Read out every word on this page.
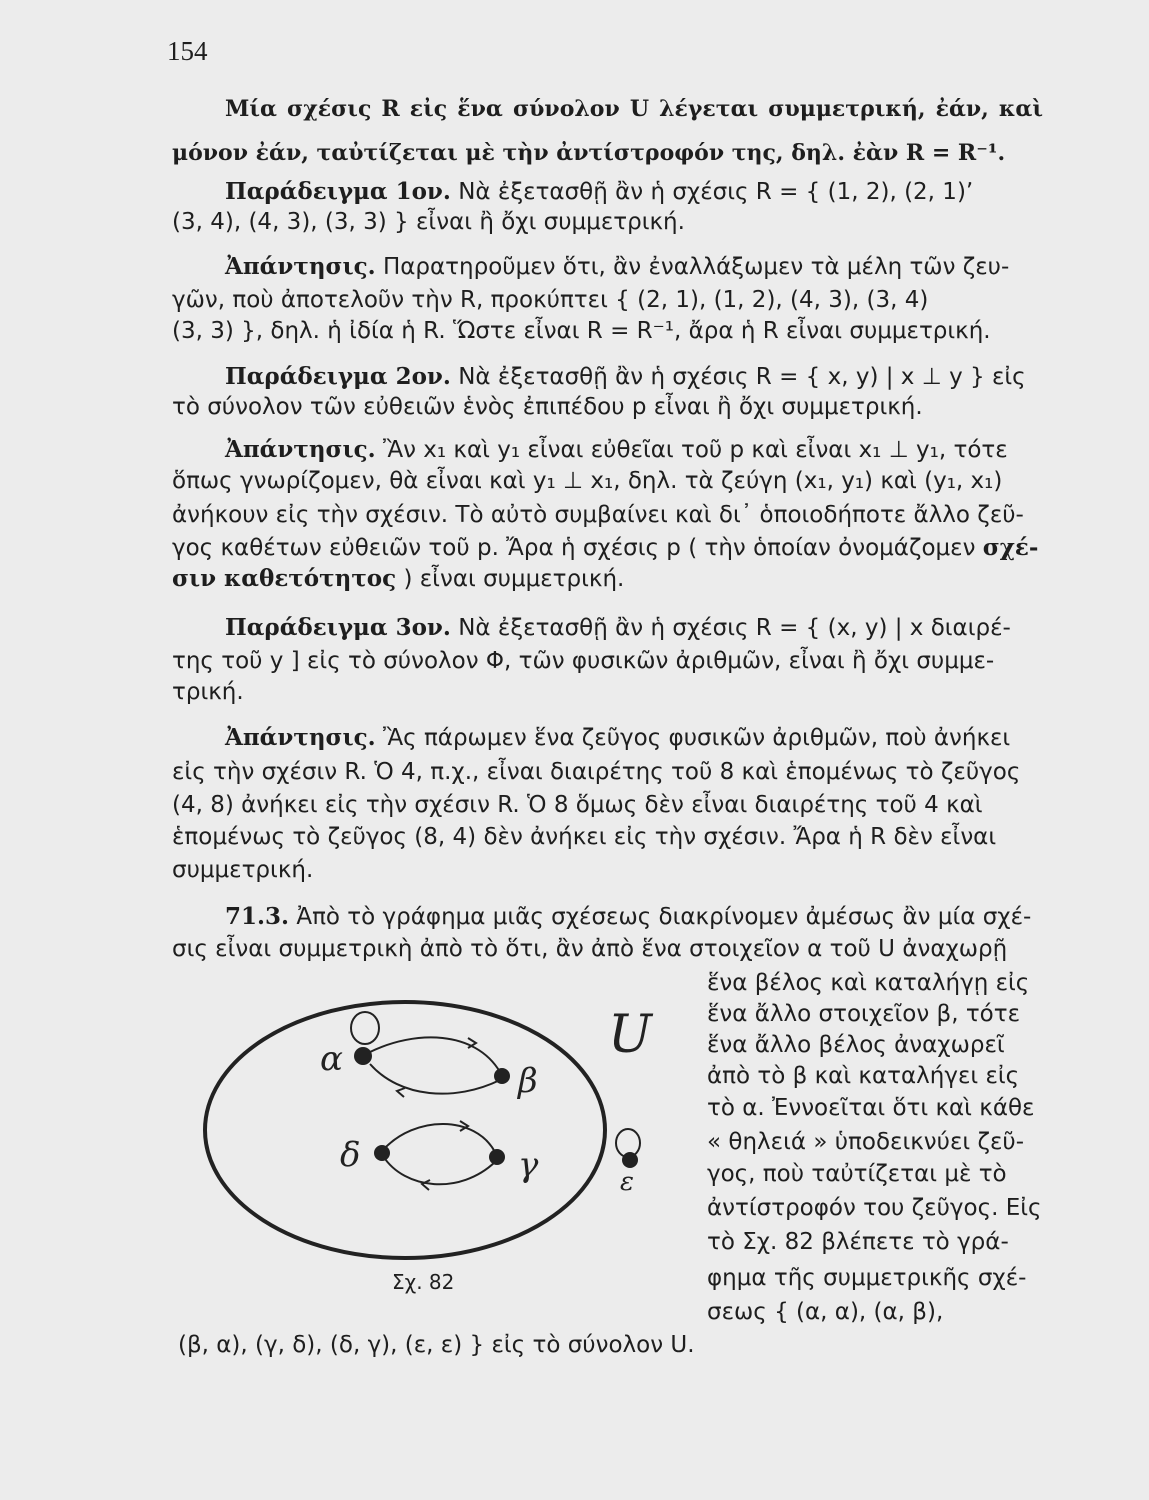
154
Μία σχέσις R εἰς ἕνα σύνολον U λέγεται συμμετρική, ἐάν, καὶ
μόνον ἐάν, ταὐτίζεται μὲ τὴν ἀντίστροφόν της, δηλ. ἐὰν R = R⁻¹.
Παράδειγμα 1ον. Νὰ ἐξετασθῇ ἂν ἡ σχέσις R = { (1, 2), (2, 1)ʼ
(3, 4), (4, 3), (3, 3) } εἶναι ἢ ὄχι συμμετρική.
Ἀπάντησις. Παρατηροῦμεν ὅτι, ἂν ἐναλλάξωμεν τὰ μέλη τῶν ζευ-
γῶν, ποὺ ἀποτελοῦν τὴν R, προκύπτει { (2, 1), (1, 2), (4, 3), (3, 4)
(3, 3) }, δηλ. ἡ ἰδία ἡ R. Ὥστε εἶναι R = R⁻¹, ἄρα ἡ R εἶναι συμμετρική.
Παράδειγμα 2ον. Νὰ ἐξετασθῇ ἂν ἡ σχέσις R = { x, y) | x ⊥ y } εἰς
τὸ σύνολον τῶν εὐθειῶν ἑνὸς ἐπιπέδου p εἶναι ἢ ὄχι συμμετρική.
Ἀπάντησις. Ἂν x₁ καὶ y₁ εἶναι εὐθεῖαι τοῦ p καὶ εἶναι x₁ ⊥ y₁, τότε
ὅπως γνωρίζομεν, θὰ εἶναι καὶ y₁ ⊥ x₁, δηλ. τὰ ζεύγη (x₁, y₁) καὶ (y₁, x₁)
ἀνήκουν εἰς τὴν σχέσιν. Τὸ αὐτὸ συμβαίνει καὶ δι᾿ ὁποιοδήποτε ἄλλο ζεῦ-
γος καθέτων εὐθειῶν τοῦ p. Ἄρα ἡ σχέσις p ( τὴν ὁποίαν ὀνομάζομεν σχέ-
σιν καθετότητος ) εἶναι συμμετρική.
Παράδειγμα 3ον. Νὰ ἐξετασθῇ ἂν ἡ σχέσις R = { (x, y) | x διαιρέ-
της τοῦ y ] εἰς τὸ σύνολον Φ, τῶν φυσικῶν ἀριθμῶν, εἶναι ἢ ὄχι συμμε-
τρική.
Ἀπάντησις. Ἂς πάρωμεν ἕνα ζεῦγος φυσικῶν ἀριθμῶν, ποὺ ἀνήκει
εἰς τὴν σχέσιν R. Ὁ 4, π.χ., εἶναι διαιρέτης τοῦ 8 καὶ ἑπομένως τὸ ζεῦγος
(4, 8) ἀνήκει εἰς τὴν σχέσιν R. Ὁ 8 ὅμως δὲν εἶναι διαιρέτης τοῦ 4 καὶ
ἑπομένως τὸ ζεῦγος (8, 4) δὲν ἀνήκει εἰς τὴν σχέσιν. Ἄρα ἡ R δὲν εἶναι
συμμετρική.
71.3. Ἀπὸ τὸ γράφημα μιᾶς σχέσεως διακρίνομεν ἀμέσως ἂν μία σχέ-
σις εἶναι συμμετρικὴ ἀπὸ τὸ ὅτι, ἂν ἀπὸ ἕνα στοιχεῖον α τοῦ U ἀναχωρῇ
ἕνα βέλος καὶ καταλήγῃ εἰς
ἕνα ἄλλο στοιχεῖον β, τότε
ἕνα ἄλλο βέλος ἀναχωρεῖ
ἀπὸ τὸ β καὶ καταλήγει εἰς
τὸ α. Ἐννοεῖται ὅτι καὶ κάθε
« θηλειά » ὑποδεικνύει ζεῦ-
γος, ποὺ ταὐτίζεται μὲ τὸ
ἀντίστροφόν του ζεῦγος. Εἰς
τὸ Σχ. 82 βλέπετε τὸ γρά-
φημα τῆς συμμετρικῆς σχέ-
σεως { (α, α), (α, β),
(β, α), (γ, δ), (δ, γ), (ε, ε) } εἰς τὸ σύνολον U.
U
α
β
δ	γ	ε
Σχ. 82
